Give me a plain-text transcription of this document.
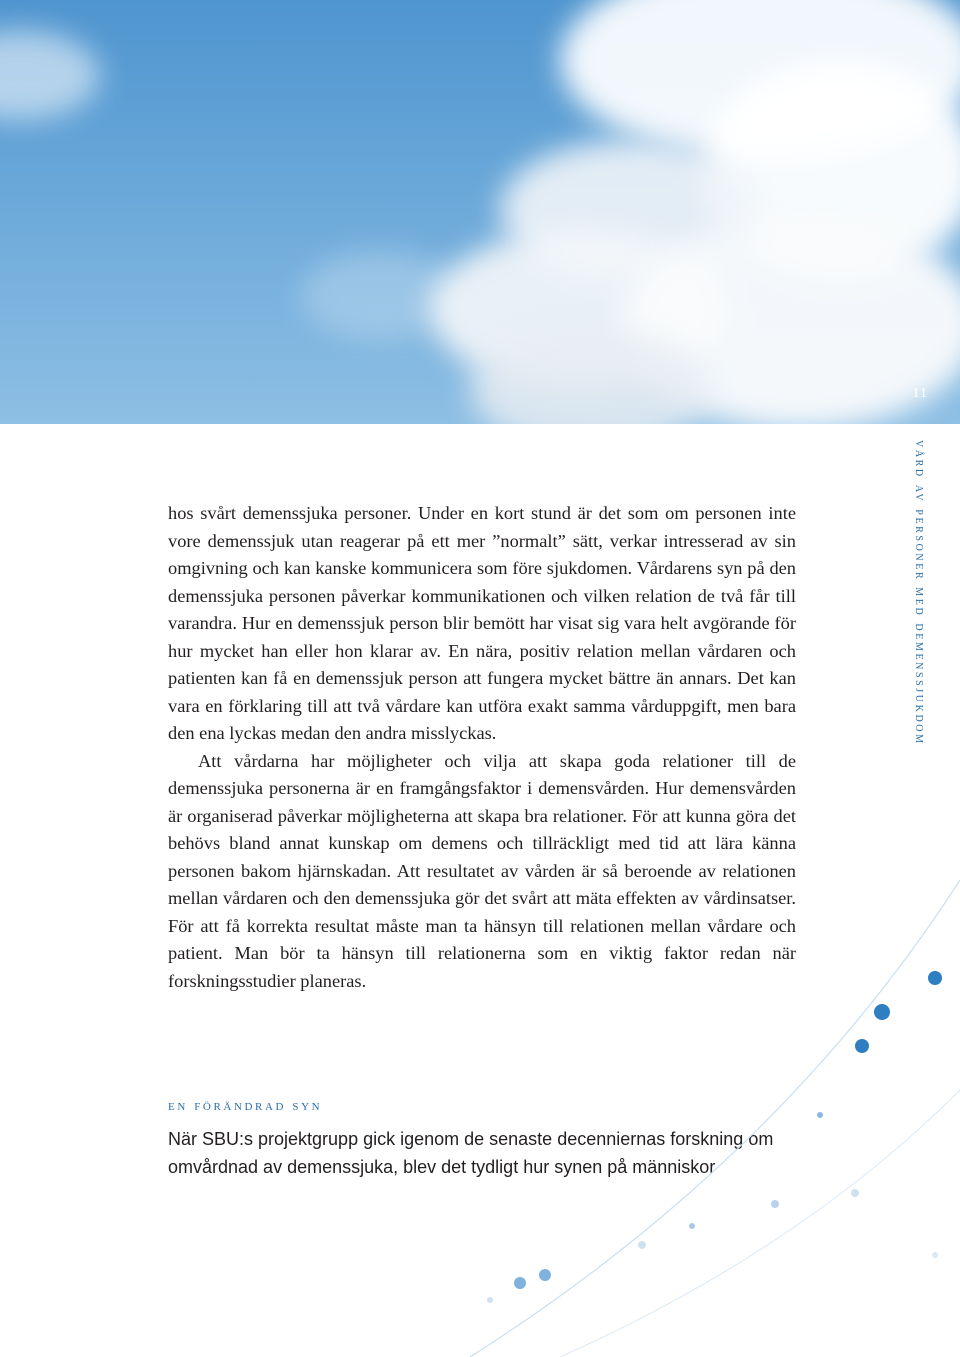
11
vård av personer med demenssjukdom

hos svårt demenssjuka personer. Under en kort stund är det som om personen inte vore demenssjuk utan reagerar på ett mer ”normalt” sätt, verkar intresserad av sin omgivning och kan kanske kommunicera som före sjukdomen. Vårdarens syn på den demenssjuka personen påverkar kommunikationen och vilken relation de två får till varandra. Hur en demenssjuk person blir bemött har visat sig vara helt avgörande för hur mycket han eller hon klarar av. En nära, positiv relation mellan vårdaren och patienten kan få en demenssjuk person att fungera mycket bättre än annars. Det kan vara en förklaring till att två vårdare kan utföra exakt samma vårduppgift, men bara den ena lyckas medan den andra misslyckas.

Att vårdarna har möjligheter och vilja att skapa goda relationer till de demenssjuka personerna är en framgångsfaktor i demensvården. Hur demensvården är organiserad påverkar möjligheterna att skapa bra relationer. För att kunna göra det behövs bland annat kunskap om demens och tillräckligt med tid att lära känna personen bakom hjärnskadan. Att resultatet av vården är så beroende av relationen mellan vårdaren och den demenssjuka gör det svårt att mäta effekten av vårdinsatser. För att få korrekta resultat måste man ta hänsyn till relationen mellan vårdare och patient. Man bör ta hänsyn till relationerna som en viktig faktor redan när forskningsstudier planeras.

en förändrad syn

När SBU:s projektgrupp gick igenom de senaste decenniernas forskning om omvårdnad av demenssjuka, blev det tydligt hur synen på människor
